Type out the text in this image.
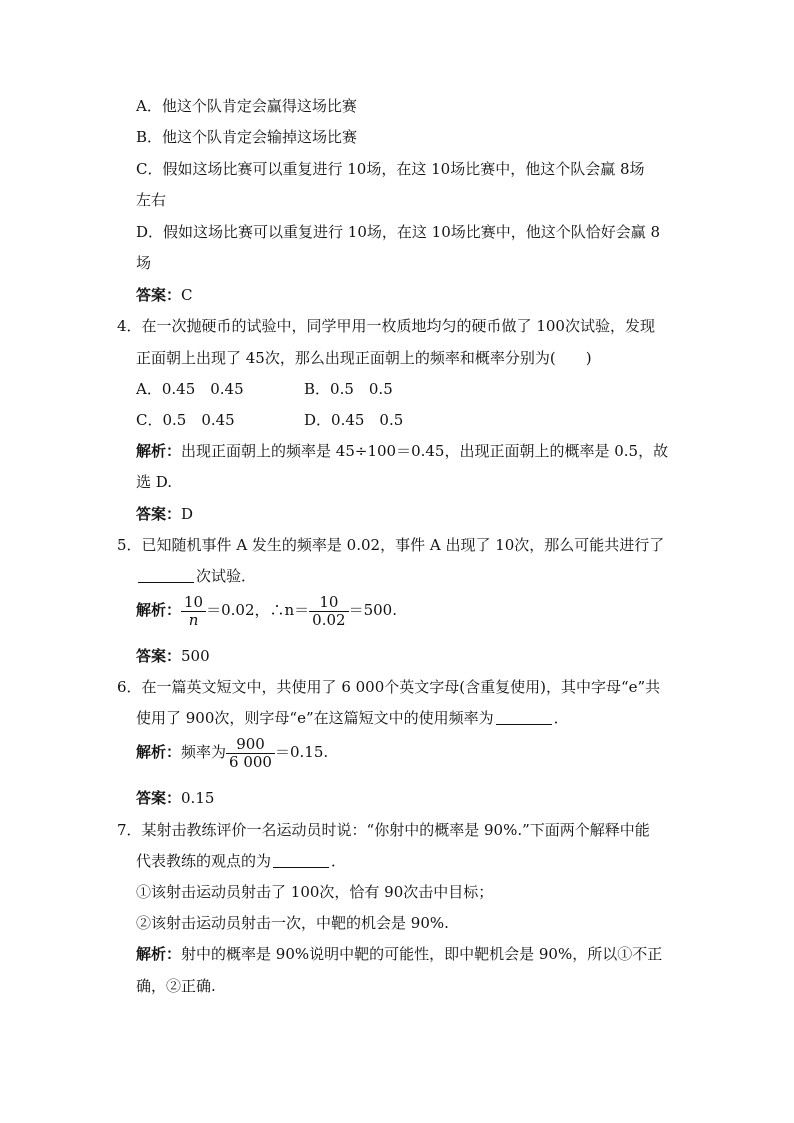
A．他这个队肯定会赢得这场比赛
B．他这个队肯定会输掉这场比赛
C．假如这场比赛可以重复进行 10场，在这 10场比赛中，他这个队会赢 8场
左右
D．假如这场比赛可以重复进行 10场，在这 10场比赛中，他这个队恰好会赢 8
场
答案：C
4．在一次抛硬币的试验中，同学甲用一枚质地均匀的硬币做了 100次试验，发现
正面朝上出现了 45次，那么出现正面朝上的频率和概率分别为(　　)
A．0.45　0.45	B．0.5　0.5
C．0.5　0.45	D．0.45　0.5
解析：出现正面朝上的频率是 45÷100＝0.45，出现正面朝上的概率是 0.5，故
选 D.
答案：D
5．已知随机事件 A 发生的频率是 0.02，事件 A 出现了 10次，那么可能共进行了
次试验．
解析： $\frac{10}{n} =0.02$，∴n＝ $\frac{10}{0.02} =500$.
答案：500
6．在一篇英文短文中，共使用了 6 000个英文字母(含重复使用)，其中字母“e”共
使用了 900次，则字母“e”在这篇短文中的使用频率为	．
解析：频率为 $\frac{900}{6 000} =0.15$.
答案：0.15
7．某射击教练评价一名运动员时说：“你射中的概率是 90%.”下面两个解释中能
代表教练的观点的为	．
①该射击运动员射击了 100次，恰有 90次击中目标；
②该射击运动员射击一次，中靶的机会是 90%.
解析：射中的概率是 90%说明中靶的可能性，即中靶机会是 90%，所以①不正
确，②正确.
